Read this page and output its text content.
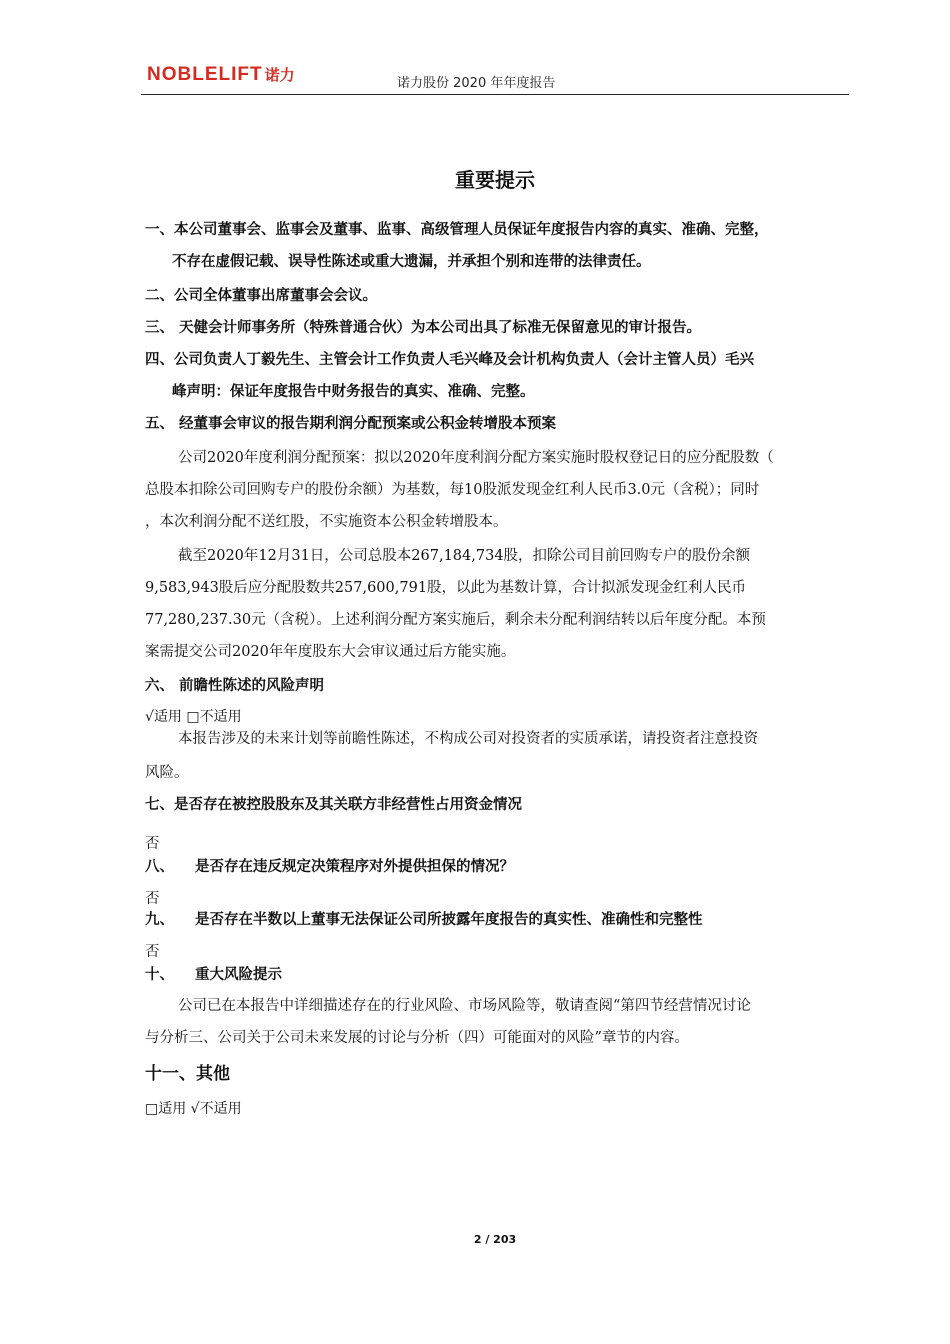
NOBLELIFT 诺力	诺力股份 2020 年年度报告
重要提示
一、本公司董事会、监事会及董事、监事、高级管理人员保证年度报告内容的真实、准确、完整，
不存在虚假记载、误导性陈述或重大遗漏，并承担个别和连带的法律责任。
二、公司全体董事出席董事会会议。
三、 天健会计师事务所（特殊普通合伙）为本公司出具了标准无保留意见的审计报告。
四、公司负责人丁毅先生、主管会计工作负责人毛兴峰及会计机构负责人（会计主管人员）毛兴
峰声明：保证年度报告中财务报告的真实、准确、完整。
五、 经董事会审议的报告期利润分配预案或公积金转增股本预案
公司2020年度利润分配预案：拟以2020年度利润分配方案实施时股权登记日的应分配股数（
总股本扣除公司回购专户的股份余额）为基数，每10股派发现金红利人民币3.0元（含税）；同时
，本次利润分配不送红股，不实施资本公积金转增股本。
截至2020年12月31日，公司总股本267,184,734股，扣除公司目前回购专户的股份余额
9,583,943股后应分配股数共257,600,791股，以此为基数计算，合计拟派发现金红利人民币
77,280,237.30元（含税）。上述利润分配方案实施后，剩余未分配利润结转以后年度分配。本预
案需提交公司2020年年度股东大会审议通过后方能实施。
六、 前瞻性陈述的风险声明
√适用 □不适用
本报告涉及的未来计划等前瞻性陈述，不构成公司对投资者的实质承诺，请投资者注意投资
风险。
七、是否存在被控股股东及其关联方非经营性占用资金情况
否
八、 是否存在违反规定决策程序对外提供担保的情况？
否
九、 是否存在半数以上董事无法保证公司所披露年度报告的真实性、准确性和完整性
否
十、 重大风险提示
公司已在本报告中详细描述存在的行业风险、市场风险等，敬请查阅“第四节经营情况讨论
与分析三、公司关于公司未来发展的讨论与分析（四）可能面对的风险”章节的内容。
十一、其他
□适用 √不适用
2 / 203
